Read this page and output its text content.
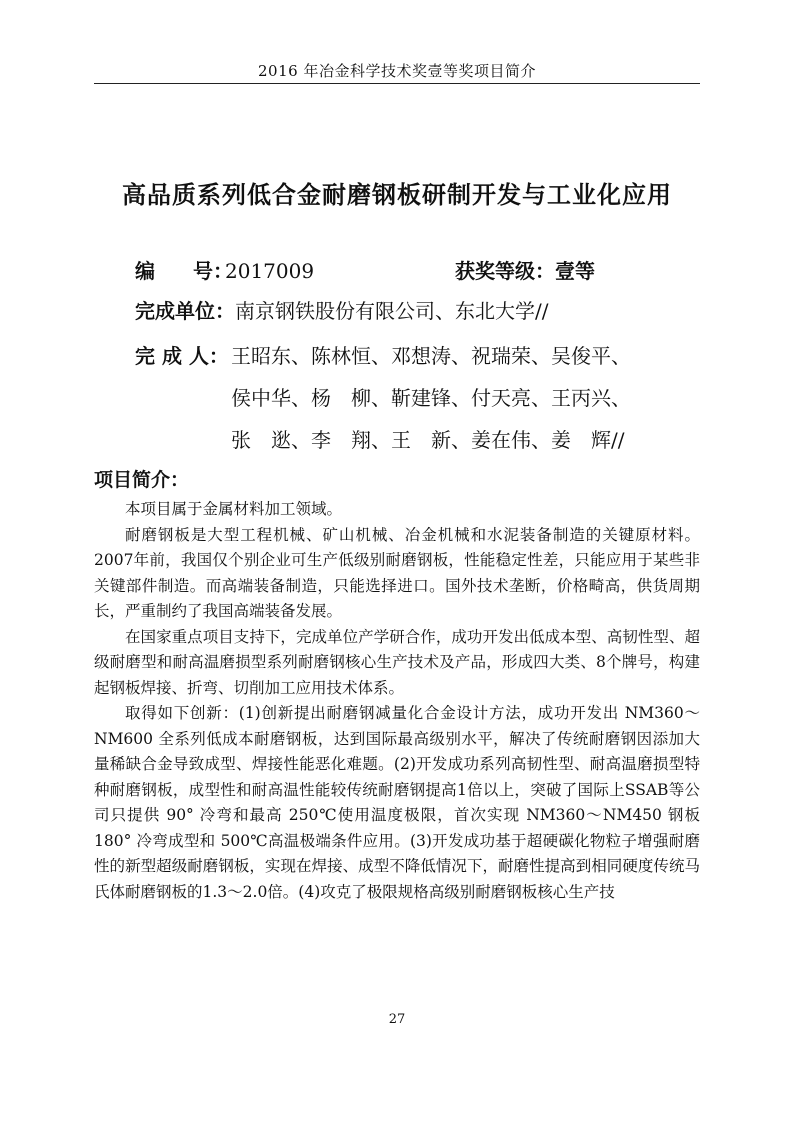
2016 年冶金科学技术奖壹等奖项目简介
高品质系列低合金耐磨钢板研制开发与工业化应用
编 号：2017009	获奖等级：壹等
完成单位：南京钢铁股份有限公司、东北大学//
完 成 人： 王昭东、陈林恒、邓想涛、祝瑞荣、吴俊平、
侯中华、杨　柳、靳建锋、付天亮、王丙兴、
张　逖、李　翔、王　新、姜在伟、姜　辉//
项目简介：

本项目属于金属材料加工领域。

耐磨钢板是大型工程机械、矿山机械、冶金机械和水泥装备制造的关键原材料。2007年前，我国仅个别企业可生产低级别耐磨钢板，性能稳定性差，只能应用于某些非关键部件制造。而高端装备制造，只能选择进口。国外技术垄断，价格畸高，供货周期长，严重制约了我国高端装备发展。

在国家重点项目支持下，完成单位产学研合作，成功开发出低成本型、高韧性型、超级耐磨型和耐高温磨损型系列耐磨钢核心生产技术及产品，形成四大类、8个牌号，构建起钢板焊接、折弯、切削加工应用技术体系。

取得如下创新：(1)创新提出耐磨钢减量化合金设计方法，成功开发出 NM360～NM600 全系列低成本耐磨钢板，达到国际最高级别水平，解决了传统耐磨钢因添加大量稀缺合金导致成型、焊接性能恶化难题。(2)开发成功系列高韧性型、耐高温磨损型特种耐磨钢板，成型性和耐高温性能较传统耐磨钢提高1倍以上，突破了国际上SSAB等公司只提供 90° 冷弯和最高 250℃使用温度极限，首次实现 NM360～NM450 钢板 180° 冷弯成型和 500℃高温极端条件应用。(3)开发成功基于超硬碳化物粒子增强耐磨性的新型超级耐磨钢板，实现在焊接、成型不降低情况下，耐磨性提高到相同硬度传统马氏体耐磨钢板的1.3～2.0倍。(4)攻克了极限规格高级别耐磨钢板核心生产技

27
